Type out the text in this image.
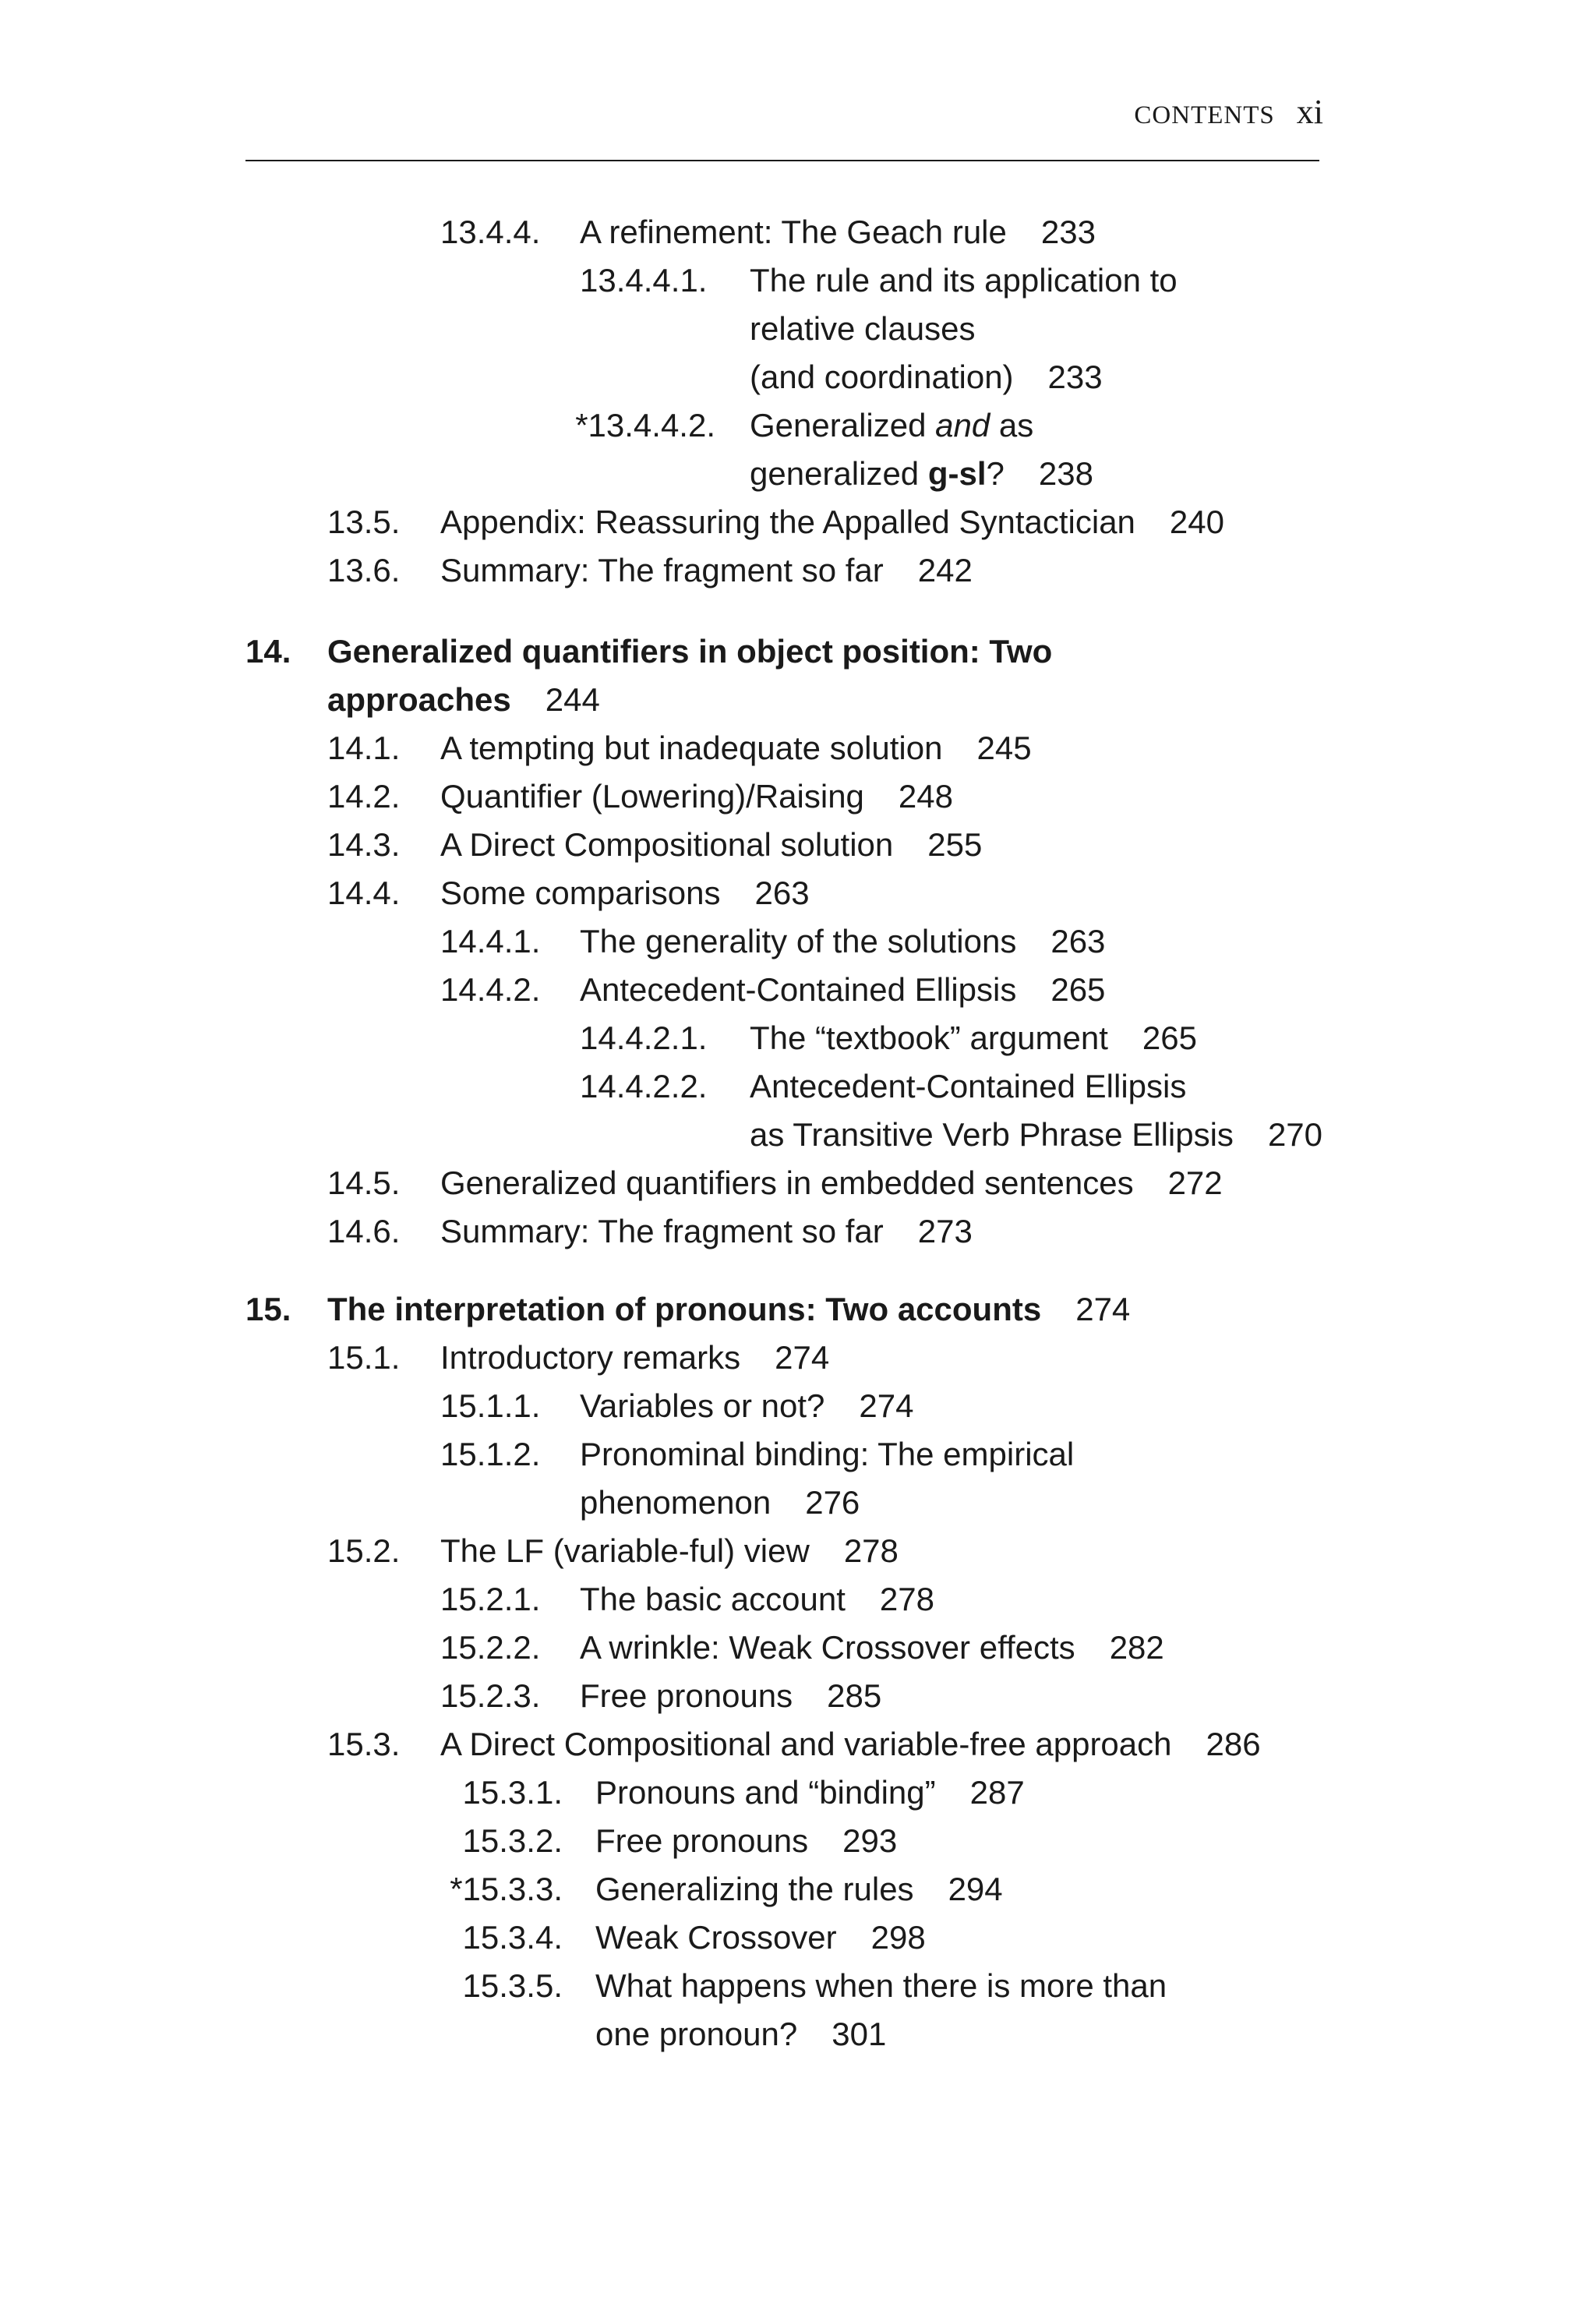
CONTENTS xi
13.4.4. A refinement: The Geach rule 233
13.4.4.1. The rule and its application to
relative clauses
(and coordination) 233
*13.4.4.2. Generalized and as
generalized g-sl? 238
13.5. Appendix: Reassuring the Appalled Syntactician 240
13.6. Summary: The fragment so far 242
14. Generalized quantifiers in object position: Two
approaches 244
14.1. A tempting but inadequate solution 245
14.2. Quantifier (Lowering)/Raising 248
14.3. A Direct Compositional solution 255
14.4. Some comparisons 263
14.4.1. The generality of the solutions 263
14.4.2. Antecedent-Contained Ellipsis 265
14.4.2.1. The “textbook” argument 265
14.4.2.2. Antecedent-Contained Ellipsis
as Transitive Verb Phrase Ellipsis 270
14.5. Generalized quantifiers in embedded sentences 272
14.6. Summary: The fragment so far 273
15. The interpretation of pronouns: Two accounts 274
15.1. Introductory remarks 274
15.1.1. Variables or not? 274
15.1.2. Pronominal binding: The empirical
phenomenon 276
15.2. The LF (variable-ful) view 278
15.2.1. The basic account 278
15.2.2. A wrinkle: Weak Crossover effects 282
15.2.3. Free pronouns 285
15.3. A Direct Compositional and variable-free approach 286
15.3.1. Pronouns and “binding” 287
15.3.2. Free pronouns 293
*15.3.3. Generalizing the rules 294
15.3.4. Weak Crossover 298
15.3.5. What happens when there is more than
one pronoun? 301
